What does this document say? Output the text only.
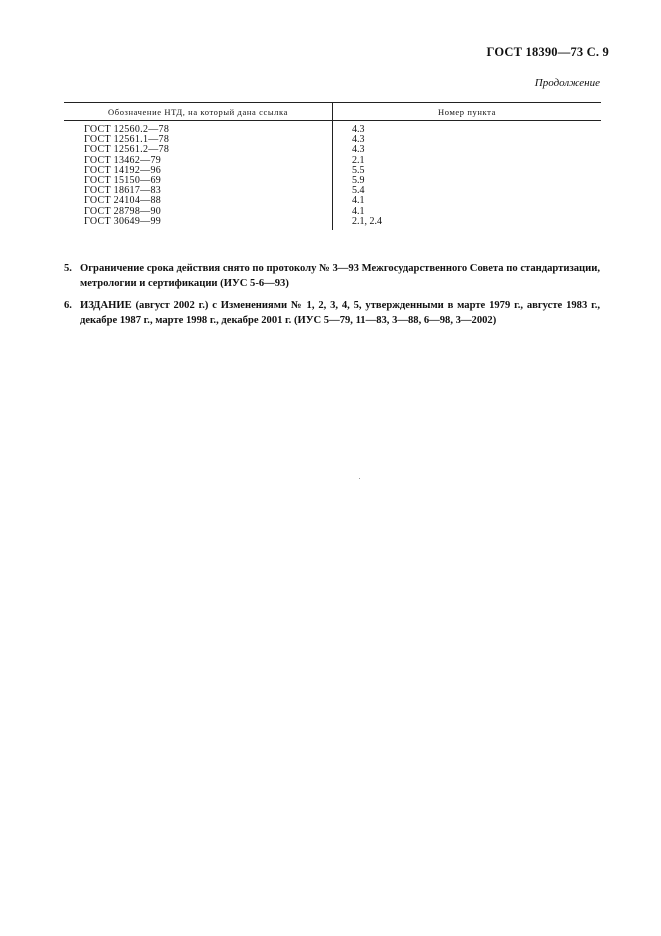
ГОСТ 18390—73 С. 9
Продолжение
Обозначение НТД, на который дана ссылка	Номер пункта
ГОСТ 12560.2—78	4.3
ГОСТ 12561.1—78	4.3
ГОСТ 12561.2—78	4.3
ГОСТ 13462—79	2.1
ГОСТ 14192—96	5.5
ГОСТ 15150—69	5.9
ГОСТ 18617—83	5.4
ГОСТ 24104—88	4.1
ГОСТ 28798—90	4.1
ГОСТ 30649—99	2.1, 2.4

5. Ограничение срока действия снято по протоколу № 3—93 Межгосударственного Совета по стандартизации, метрологии и сертификации (ИУС 5-6—93)

6. ИЗДАНИЕ (август 2002 г.) с Изменениями № 1, 2, 3, 4, 5, утвержденными в марте 1979 г., августе 1983 г., декабре 1987 г., марте 1998 г., декабре 2001 г. (ИУС 5—79, 11—83, 3—88, 6—98, 3—2002)
